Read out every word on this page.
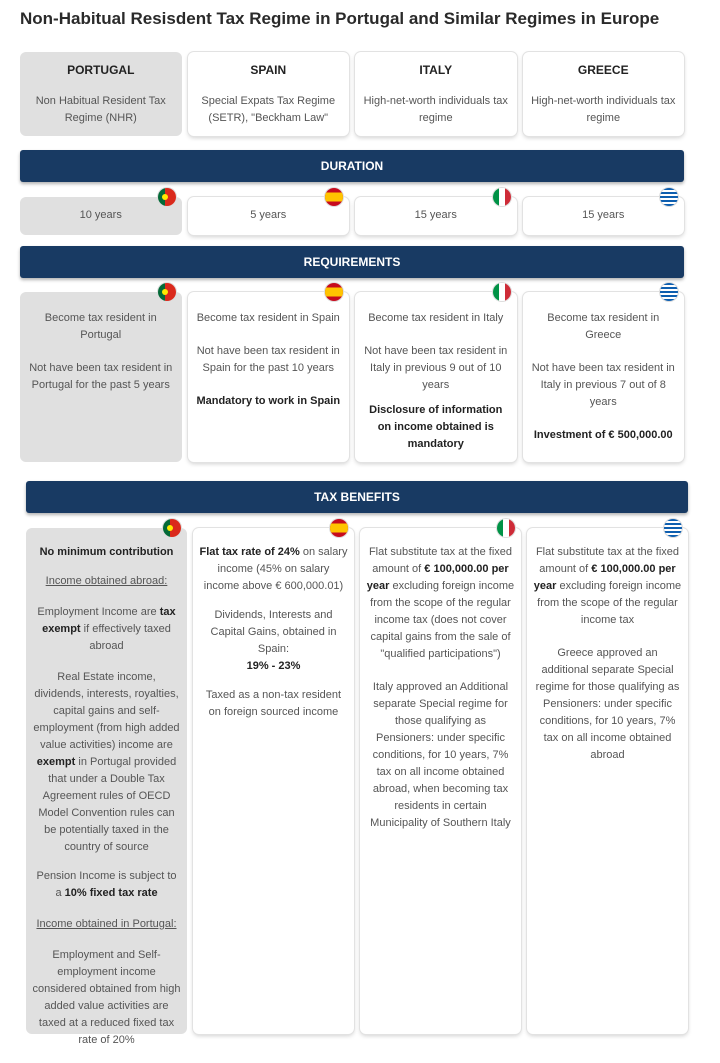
Non-Habitual Resisdent Tax Regime in Portugal and Similar Regimes in Europe
PORTUGAL
Non Habitual Resident Tax Regime (NHR)
SPAIN
Special Expats Tax Regime (SETR), "Beckham Law"
ITALY
High-net-worth individuals tax regime
GREECE
High-net-worth individuals tax regime
DURATION
10 years	5 years	15 years	15 years
REQUIREMENTS
Become tax resident in Portugal
Not have been tax resident in Portugal for the past 5 years
Become tax resident in Spain
Not have been tax resident in Spain for the past 10 years
Mandatory to work in Spain
Become tax resident in Italy
Not have been tax resident in Italy in previous 9 out of 10 years
Disclosure of information on income obtained is mandatory
Become tax resident in Greece
Not have been tax resident in Italy in previous 7 out of 8 years
Investment of € 500,000.00
TAX BENEFITS
No minimum contribution
Income obtained abroad:
Employment Income are tax exempt if effectively taxed abroad
Real Estate income, dividends, interests, royalties, capital gains and self-employment (from high added value activities) income are exempt in Portugal provided that under a Double Tax Agreement rules of OECD Model Convention rules can be potentially taxed in the country of source
Pension Income is subject to a 10% fixed tax rate
Income obtained in Portugal:
Employment and Self-employment income considered obtained from high added value activities are taxed at a reduced fixed tax rate of 20%
Flat tax rate of 24% on salary income (45% on salary income above € 600,000.01)
Dividends, Interests and Capital Gains, obtained in Spain:
19% - 23%
Taxed as a non-tax resident on foreign sourced income
Flat substitute tax at the fixed amount of € 100,000.00 per year excluding foreign income from the scope of the regular income tax (does not cover capital gains from the sale of "qualified participations")
Italy approved an Additional separate Special regime for those qualifying as Pensioners: under specific conditions, for 10 years, 7% tax on all income obtained abroad, when becoming tax residents in certain Municipality of Southern Italy
Flat substitute tax at the fixed amount of € 100,000.00 per year excluding foreign income from the scope of the regular income tax
Greece approved an additional separate Special regime for those qualifying as Pensioners: under specific conditions, for 10 years, 7% tax on all income obtained abroad
